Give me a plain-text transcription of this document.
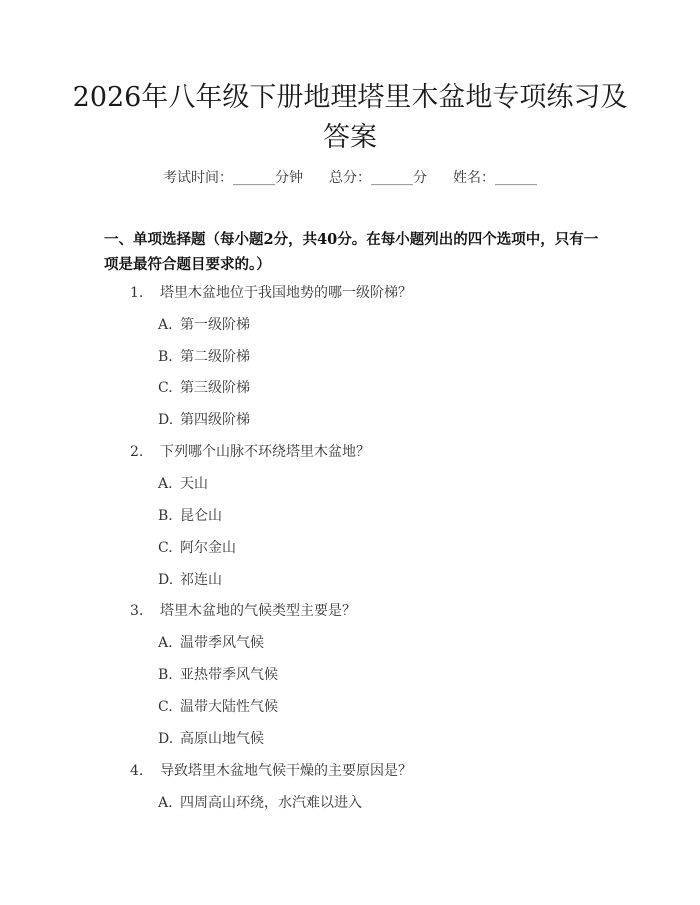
2026年八年级下册地理塔里木盆地专项练习及答案
考试时间：______分钟 总分：______分 姓名：______
一、单项选择题（每小题2分，共40分。在每小题列出的四个选项中，只有一项是最符合题目要求的。）
1. 塔里木盆地位于我国地势的哪一级阶梯？
A. 第一级阶梯
B. 第二级阶梯
C. 第三级阶梯
D. 第四级阶梯
2. 下列哪个山脉不环绕塔里木盆地？
A. 天山
B. 昆仑山
C. 阿尔金山
D. 祁连山
3. 塔里木盆地的气候类型主要是？
A. 温带季风气候
B. 亚热带季风气候
C. 温带大陆性气候
D. 高原山地气候
4. 导致塔里木盆地气候干燥的主要原因是？
A. 四周高山环绕，水汽难以进入
